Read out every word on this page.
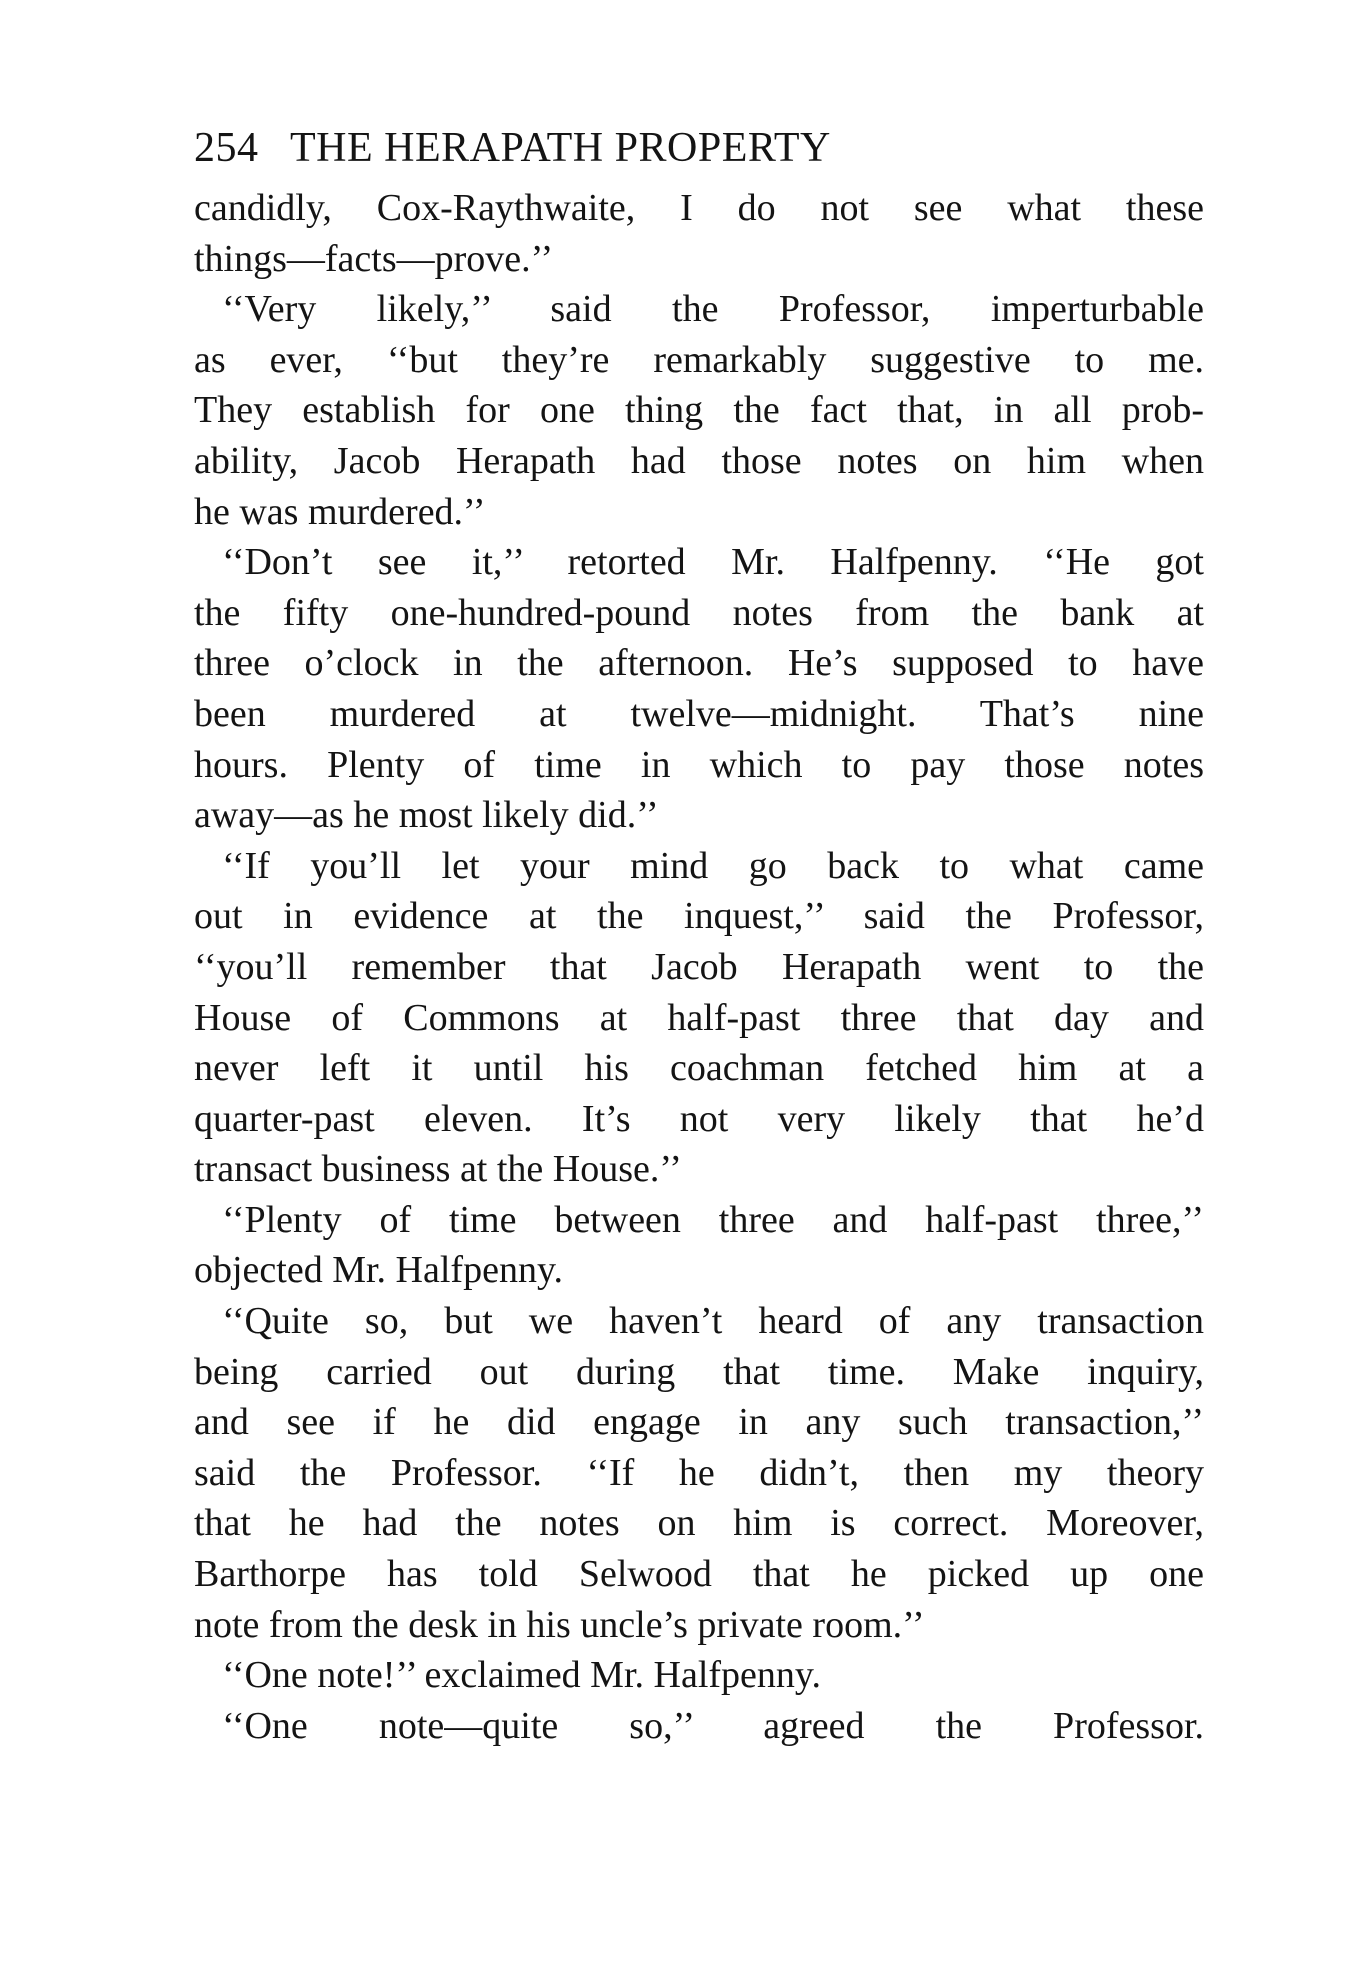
254 THE HERAPATH PROPERTY
candidly, Cox-Raythwaite, I do not see what these
things—facts—prove.’’
‘‘Very likely,’’ said the Professor, imperturbable
as ever, ‘‘but they’re remarkably suggestive to me.
They establish for one thing the fact that, in all prob-
ability, Jacob Herapath had those notes on him when
he was murdered.’’
‘‘Don’t see it,’’ retorted Mr. Halfpenny. ‘‘He got
the fifty one-hundred-pound notes from the bank at
three o’clock in the afternoon. He’s supposed to have
been murdered at twelve—midnight. That’s nine
hours. Plenty of time in which to pay those notes
away—as he most likely did.’’
‘‘If you’ll let your mind go back to what came
out in evidence at the inquest,’’ said the Professor,
‘‘you’ll remember that Jacob Herapath went to the
House of Commons at half-past three that day and
never left it until his coachman fetched him at a
quarter-past eleven. It’s not very likely that he’d
transact business at the House.’’
‘‘Plenty of time between three and half-past three,’’
objected Mr. Halfpenny.
‘‘Quite so, but we haven’t heard of any transaction
being carried out during that time. Make inquiry,
and see if he did engage in any such transaction,’’
said the Professor. ‘‘If he didn’t, then my theory
that he had the notes on him is correct. Moreover,
Barthorpe has told Selwood that he picked up one
note from the desk in his uncle’s private room.’’
‘‘One note!’’ exclaimed Mr. Halfpenny.
‘‘One note—quite so,’’ agreed the Professor.
